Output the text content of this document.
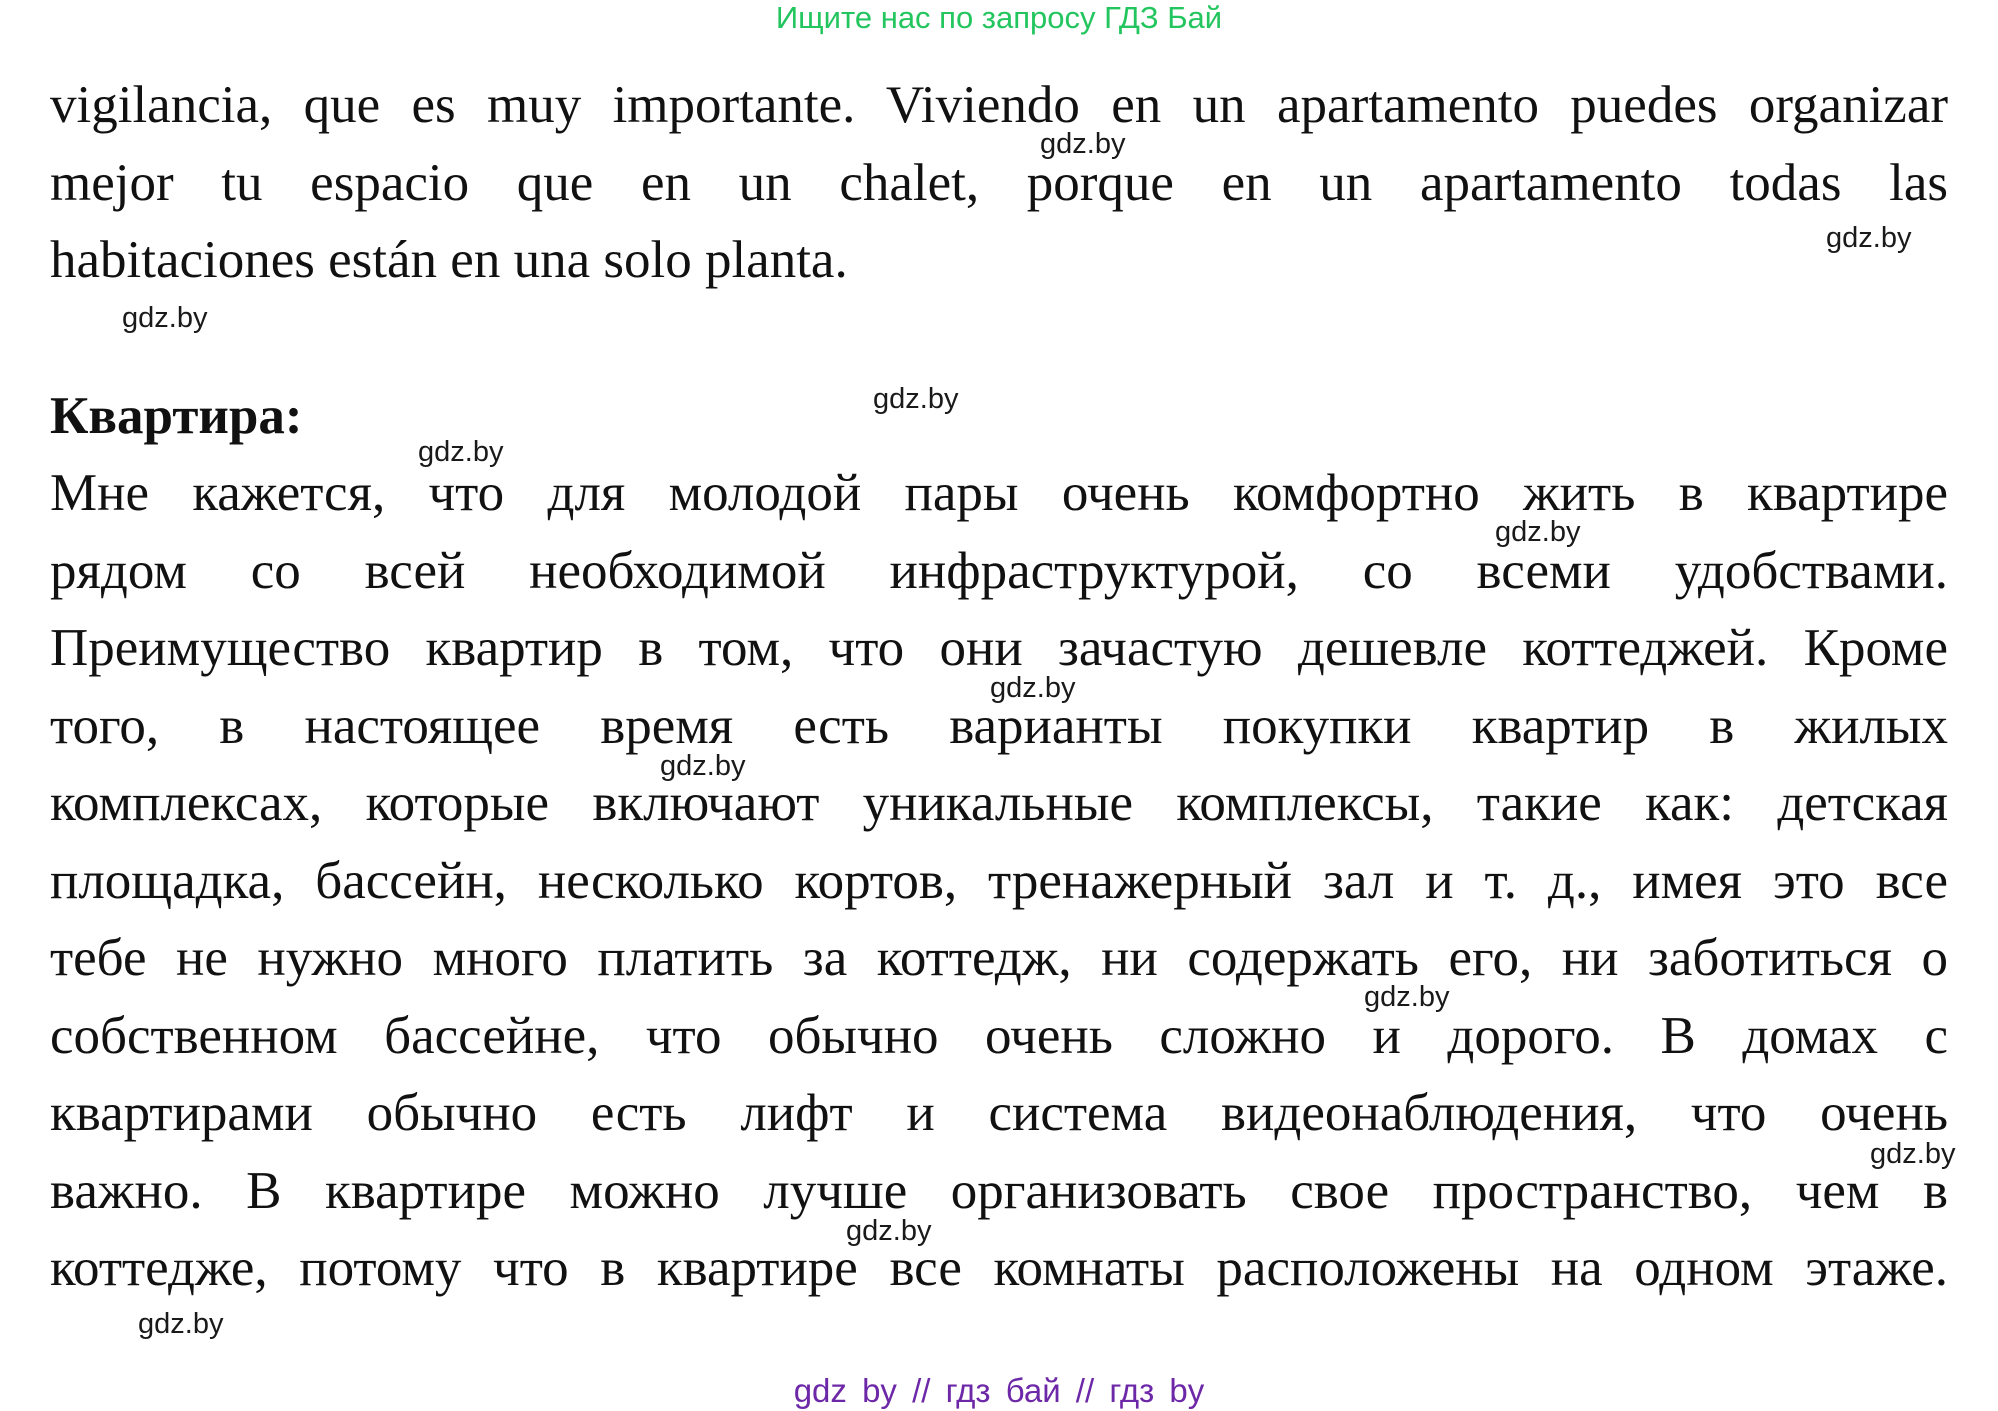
Ищите нас по запросу ГДЗ Бай
vigilancia, que es muy importante. Viviendo en un apartamento puedes organizar
mejor tu espacio que en un chalet, porque en un apartamento todas las
habitaciones están en una solo planta.
Квартира:
Мне кажется, что для молодой пары очень комфортно жить в квартире
рядом со всей необходимой инфраструктурой, со всеми удобствами.
Преимущество квартир в том, что они зачастую дешевле коттеджей. Кроме
того, в настоящее время есть варианты покупки квартир в жилых
комплексах, которые включают уникальные комплексы, такие как: детская
площадка, бассейн, несколько кортов, тренажерный зал и т. д., имея это все
тебе не нужно много платить за коттедж, ни содержать его, ни заботиться о
собственном бассейне, что обычно очень сложно и дорого. В домах с
квартирами обычно есть лифт и система видеонаблюдения, что очень
важно. В квартире можно лучше организовать свое пространство, чем в
коттедже, потому что в квартире все комнаты расположены на одном этаже.
gdz.by
gdz.by
gdz.by
gdz.by
gdz.by
gdz.by
gdz.by
gdz.by
gdz.by
gdz.by
gdz.by
gdz.by
gdz by // гдз бай // гдз by
